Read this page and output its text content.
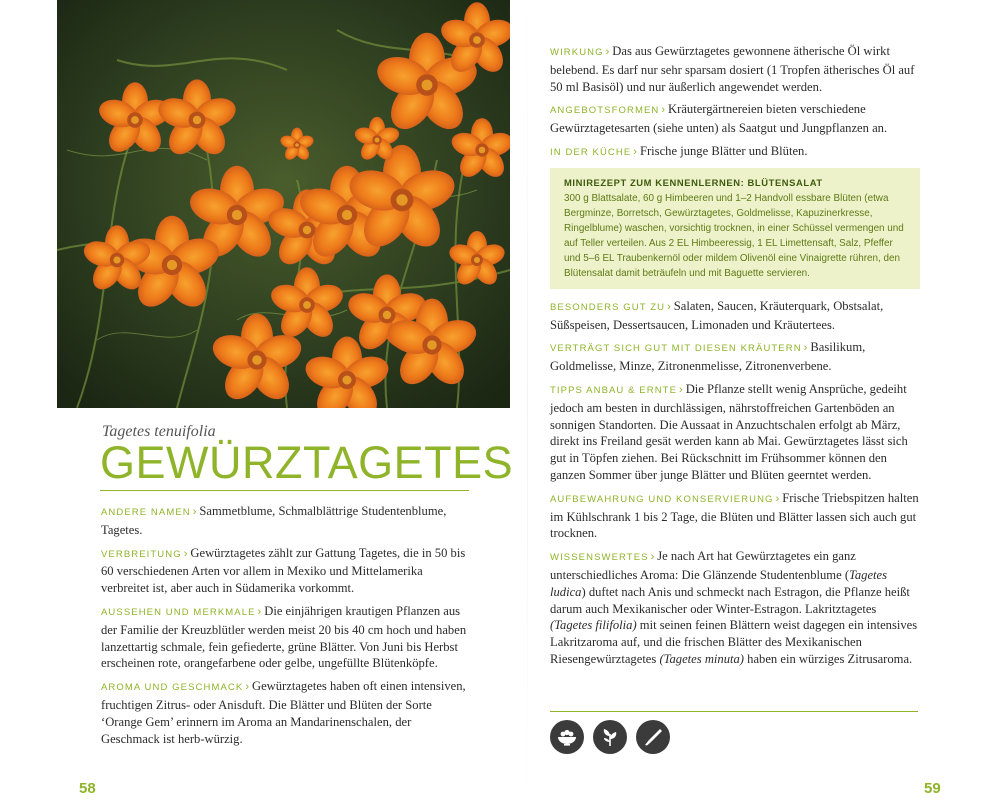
Tagetes tenuifolia
GEWÜRZTAGETES

ANDERE NAMEN › Sammetblume, Schmalblättrige Studentenblume, Tagetes.

VERBREITUNG › Gewürztagetes zählt zur Gattung Tagetes, die in 50 bis 60 verschiedenen Arten vor allem in Mexiko und Mittelamerika verbreitet ist, aber auch in Südamerika vorkommt.

AUSSEHEN UND MERKMALE › Die einjährigen krautigen Pflanzen aus der Familie der Kreuzblütler werden meist 20 bis 40 cm hoch und haben lanzettartig schmale, fein gefiederte, grüne Blätter. Von Juni bis Herbst erscheinen rote, orangefarbene oder gelbe, ungefüllte Blütenköpfe.

AROMA UND GESCHMACK › Gewürztagetes haben oft einen intensiven, fruchtigen Zitrus- oder Anisduft. Die Blätter und Blüten der Sorte ‘Orange Gem’ erinnern im Aroma an Mandarinenschalen, der Geschmack ist herb-würzig.

58

WIRKUNG › Das aus Gewürztagetes gewonnene ätherische Öl wirkt belebend. Es darf nur sehr sparsam dosiert (1 Tropfen ätherisches Öl auf 50 ml Basisöl) und nur äußerlich angewendet werden.

ANGEBOTSFORMEN › Kräutergärtnereien bieten verschiedene Gewürztagetesarten (siehe unten) als Saatgut und Jungpflanzen an.

IN DER KÜCHE › Frische junge Blätter und Blüten.

MINIREZEPT ZUM KENNENLERNEN: BLÜTENSALAT
300 g Blattsalate, 60 g Himbeeren und 1–2 Handvoll essbare Blüten (etwa Bergminze, Borretsch, Gewürztagetes, Goldmelisse, Kapuzinerkresse, Ringelblume) waschen, vorsichtig trocknen, in einer Schüssel vermengen und auf Teller verteilen. Aus 2 EL Himbeeressig, 1 EL Limettensaft, Salz, Pfeffer und 5–6 EL Traubenkernöl oder mildem Olivenöl eine Vinaigrette rühren, den Blütensalat damit beträufeln und mit Baguette servieren.

BESONDERS GUT ZU › Salaten, Saucen, Kräuterquark, Obstsalat, Süßspeisen, Dessertsaucen, Limonaden und Kräutertees.

VERTRÄGT SICH GUT MIT DIESEN KRÄUTERN › Basilikum, Goldmelisse, Minze, Zitronenmelisse, Zitronenverbene.

TIPPS ANBAU & ERNTE › Die Pflanze stellt wenig Ansprüche, gedeiht jedoch am besten in durchlässigen, nährstoffreichen Gartenböden an sonnigen Standorten. Die Aussaat in Anzuchtschalen erfolgt ab März, direkt ins Freiland gesät werden kann ab Mai. Gewürztagetes lässt sich gut in Töpfen ziehen. Bei Rückschnitt im Frühsommer können den ganzen Sommer über junge Blätter und Blüten geerntet werden.

AUFBEWAHRUNG UND KONSERVIERUNG › Frische Triebspitzen halten im Kühlschrank 1 bis 2 Tage, die Blüten und Blätter lassen sich auch gut trocknen.

WISSENSWERTES › Je nach Art hat Gewürztagetes ein ganz unterschiedliches Aroma: Die Glänzende Studentenblume (Tagetes ludica) duftet nach Anis und schmeckt nach Estragon, die Pflanze heißt darum auch Mexikanischer oder Winter-Estragon. Lakritztagetes (Tagetes filifolia) mit seinen feinen Blättern weist dagegen ein intensives Lakritzaroma auf, und die frischen Blätter des Mexikanischen Riesengewürztagetes (Tagetes minuta) haben ein würziges Zitrusaroma.

59
